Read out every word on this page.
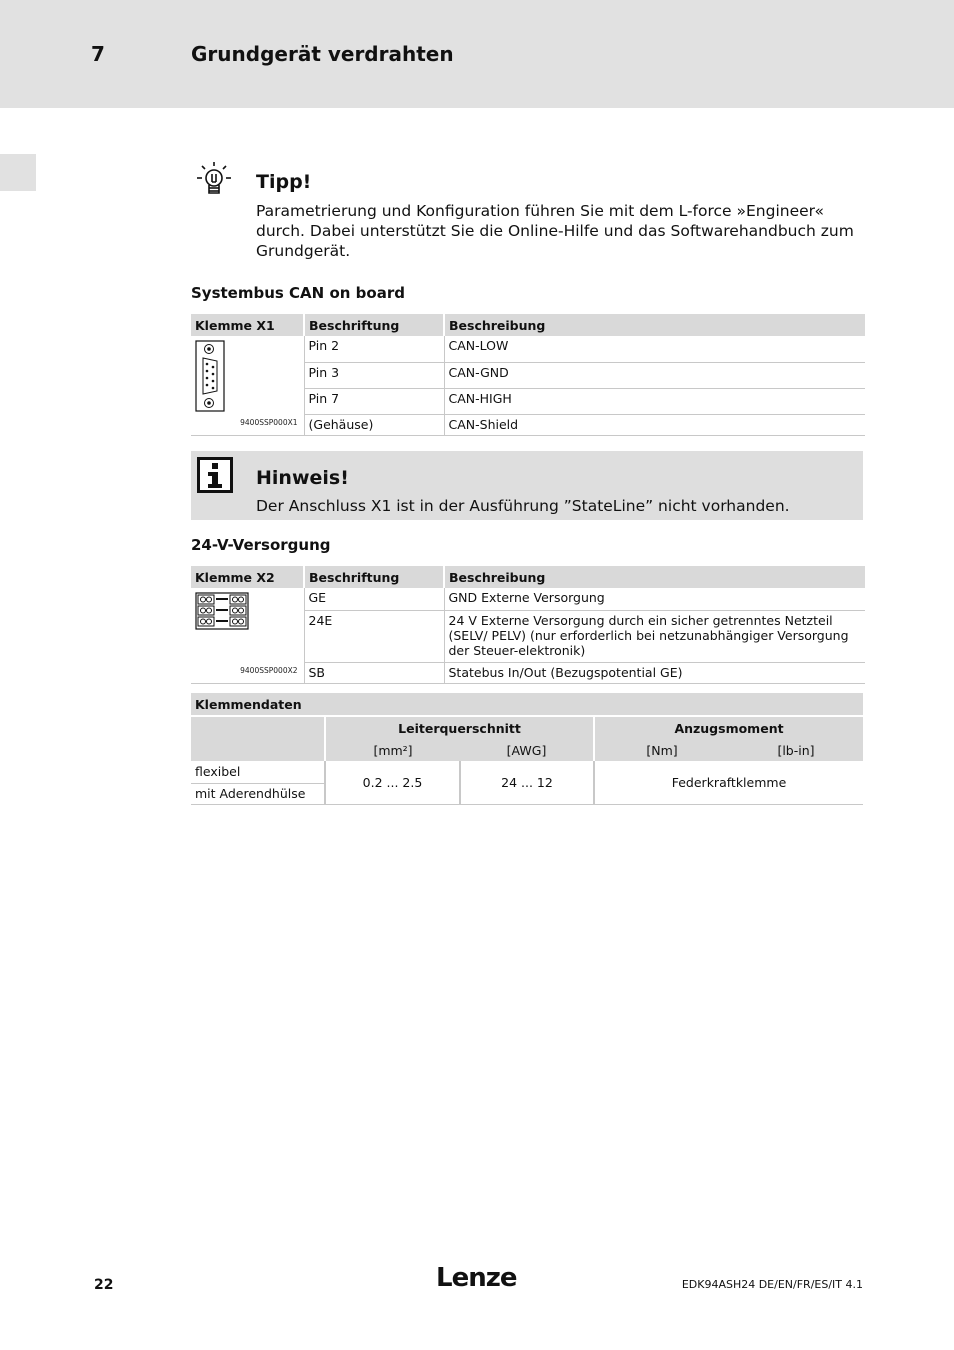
7	Grundgerät verdrahten
Tipp!
Parametrierung und Konfiguration führen Sie mit dem L-force »Engineer« durch. Dabei unterstützt Sie die Online-Hilfe und das Softwarehandbuch zum Grundgerät.
Systembus CAN on board
Klemme X1	Beschriftung	Beschreibung

9400SSP000X1	Pin 2	CAN-LOW
	Pin 3	CAN-GND
	Pin 7	CAN-HIGH
	(Gehäuse)	CAN-Shield
Hinweis!
Der Anschluss X1 ist in der Ausführung ”StateLine” nicht vorhanden.
24-V-Versorgung
Klemme X2	Beschriftung	Beschreibung

9400SSP000X2	GE	GND Externe Versorgung
	24E	24 V Externe Versorgung durch ein sicher getrenntes Netzteil (SELV/ PELV) (nur erforderlich bei netzunabhängiger Versorgung der Steuer-elektronik)
	SB	Statebus In/Out (Bezugspotential GE)
Klemmendaten				

	Leiterquerschnitt		Anzugsmoment	
	[mm²]	[AWG]	[Nm]	[lb-in]
flexibel	0.2 ... 2.5	24 ... 12	Federkraftklemme	
mit Aderendhülse				
22	Lenze	EDK94ASH24 DE/EN/FR/ES/IT 4.1
